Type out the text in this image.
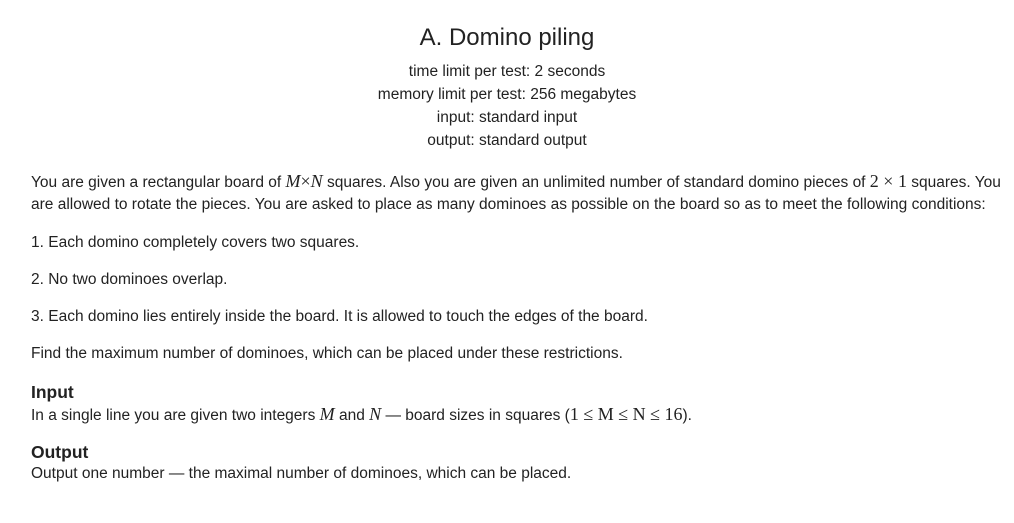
A. Domino piling
time limit per test: 2 seconds
memory limit per test: 256 megabytes
input: standard input
output: standard output

You are given a rectangular board of M×N squares. Also you are given an unlimited number of standard domino pieces of 2 × 1 squares. You are allowed to rotate the pieces. You are asked to place as many dominoes as possible on the board so as to meet the following conditions:

1. Each domino completely covers two squares.

2. No two dominoes overlap.

3. Each domino lies entirely inside the board. It is allowed to touch the edges of the board.

Find the maximum number of dominoes, which can be placed under these restrictions.

Input

In a single line you are given two integers M and N — board sizes in squares (1 ≤ M ≤ N ≤ 16).

Output

Output one number — the maximal number of dominoes, which can be placed.
